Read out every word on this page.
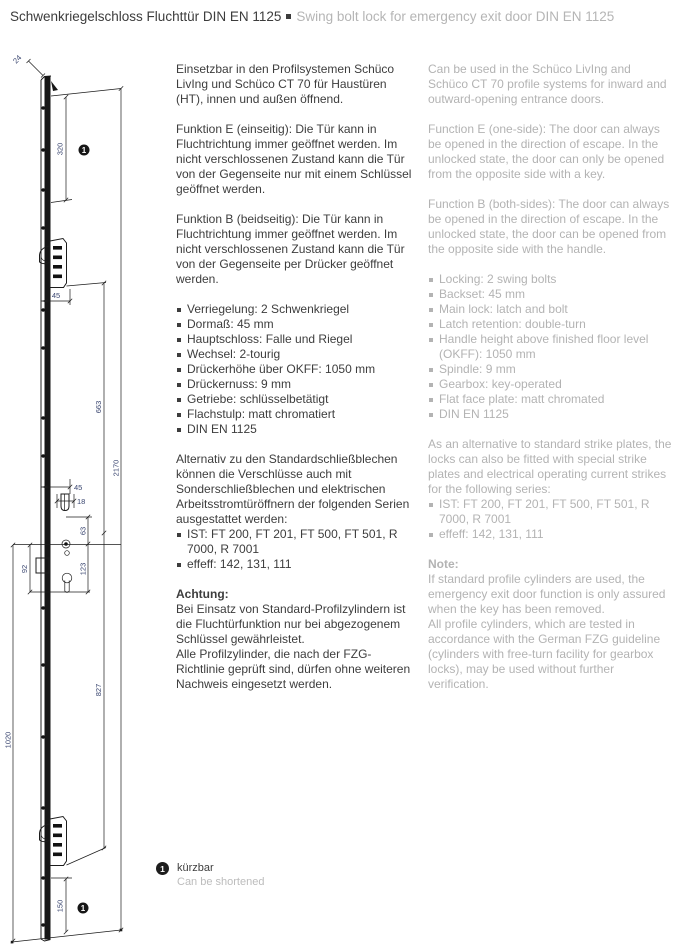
Schwenkriegelschloss Fluchttür DIN EN 1125 Swing bolt lock for emergency exit door DIN EN 1125
24
320
45
663
2170
45
18
63
92	123
827
1020
150
1
1

Einsetzbar in den Profilsystemen Schüco LivIng und Schüco CT 70 für Haustüren (HT), innen und außen öffnend.

Funktion E (einseitig): Die Tür kann in Fluchtrichtung immer geöffnet werden. Im nicht verschlossenen Zustand kann die Tür von der Gegenseite nur mit einem Schlüssel geöffnet werden.

Funktion B (beidseitig): Die Tür kann in Fluchtrichtung immer geöffnet werden. Im nicht verschlossenen Zustand kann die Tür von der Gegenseite per Drücker geöffnet werden.

Verriegelung: 2 Schwenkriegel
Dormaß: 45 mm
Hauptschloss: Falle und Riegel
Wechsel: 2-tourig
Drückerhöhe über OKFF: 1050 mm
Drückernuss: 9 mm
Getriebe: schlüsselbetätigt
Flachstulp: matt chromatiert
DIN EN 1125

Alternativ zu den Standardschließblechen können die Verschlüsse auch mit Sonderschließblechen und elektrischen Arbeitsstromtüröffnern der folgenden Serien ausgestattet werden:

IST: FT 200, FT 201, FT 500, FT 501, R 7000, R 7001
effeff: 142, 131, 111
Achtung:
Bei Einsatz von Standard-Profilzylindern ist die Fluchtürfunktion nur bei abgezogenem Schlüssel gewährleistet.
Alle Profilzylinder, die nach der FZG-Richtlinie geprüft sind, dürfen ohne weiteren Nachweis eingesetzt werden.

Can be used in the Schüco LivIng and Schüco CT 70 profile systems for inward and outward-opening entrance doors.

Function E (one-side): The door can always be opened in the direction of escape. In the unlocked state, the door can only be opened from the opposite side with a key.

Function B (both-sides): The door can always be opened in the direction of escape. In the unlocked state, the door can be opened from the opposite side with the handle.

Locking: 2 swing bolts
Backset: 45 mm
Main lock: latch and bolt
Latch retention: double-turn
Handle height above finished floor level (OKFF): 1050 mm
Spindle: 9 mm
Gearbox: key-operated
Flat face plate: matt chromated
DIN EN 1125

As an alternative to standard strike plates, the locks can also be fitted with special strike plates and electrical operating current strikes for the following series:

IST: FT 200, FT 201, FT 500, FT 501, R 7000, R 7001
effeff: 142, 131, 111
Note:
If standard profile cylinders are used, the emergency exit door function is only assured when the key has been removed.
All profile cylinders, which are tested in accordance with the German FZG guideline (cylinders with free-turn facility for gearbox locks), may be used without further verification.
1	kürzbar
Can be shortened
